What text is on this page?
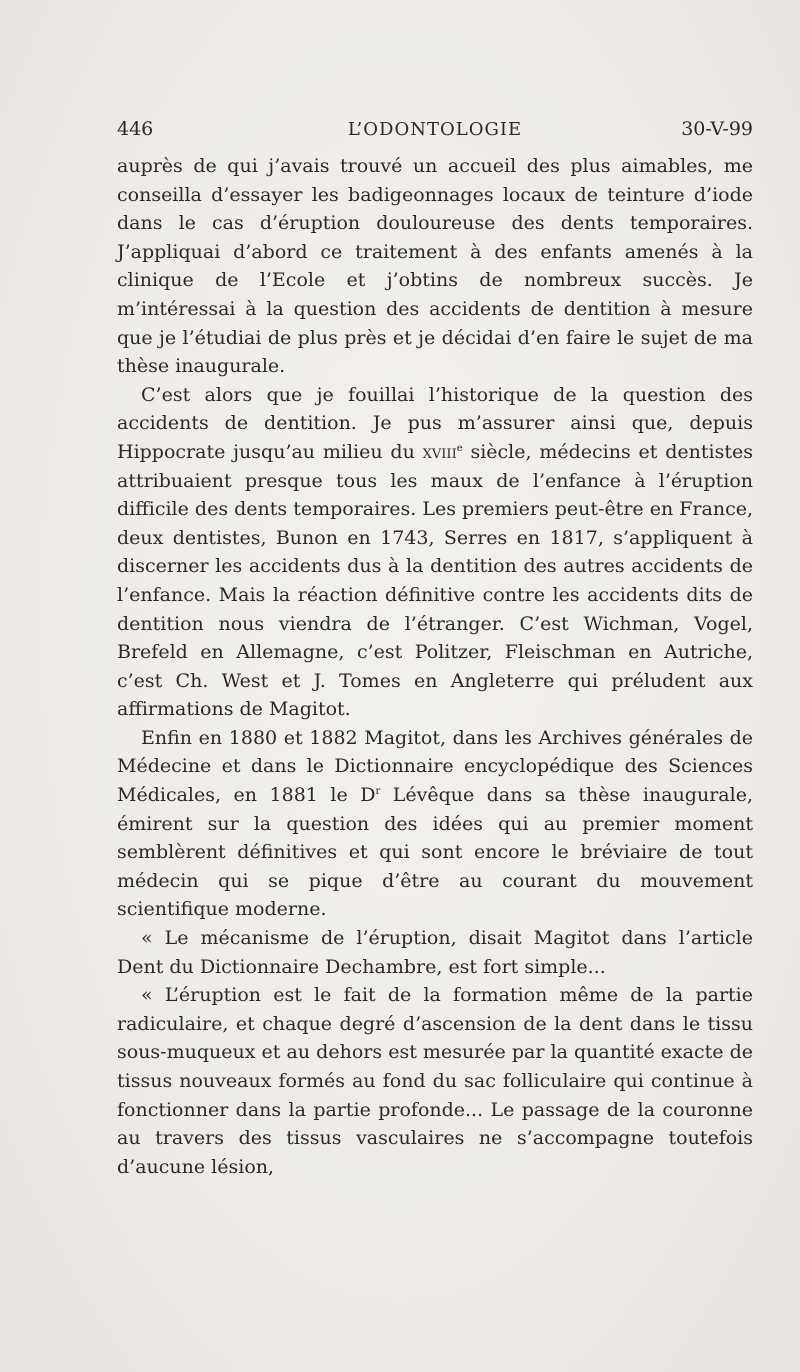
446	L’ODONTOLOGIE	30-V-99

auprès de qui j’avais trouvé un accueil des plus aimables, me conseilla d’essayer les badigeonnages locaux de teinture d’iode dans le cas d’éruption douloureuse des dents temporaires. J’appliquai d’abord ce traitement à des enfants amenés à la clinique de l’Ecole et j’obtins de nombreux succès. Je m’intéressai à la question des accidents de dentition à mesure que je l’étudiai de plus près et je décidai d’en faire le sujet de ma thèse inaugurale.

C’est alors que je fouillai l’historique de la question des accidents de dentition. Je pus m’assurer ainsi que, depuis Hippocrate jusqu’au milieu du xviii$^e$ siècle, médecins et dentistes attribuaient presque tous les maux de l’enfance à l’éruption difficile des dents temporaires. Les premiers peut-être en France, deux dentistes, Bunon en 1743, Serres en 1817, s’appliquent à discerner les accidents dus à la dentition des autres accidents de l’enfance. Mais la réaction définitive contre les accidents dits de dentition nous viendra de l’étranger. C’est Wichman, Vogel, Brefeld en Allemagne, c’est Politzer, Fleischman en Autriche, c’est Ch. West et J. Tomes en Angleterre qui préludent aux affirmations de Magitot.

Enfin en 1880 et 1882 Magitot, dans les Archives générales de Médecine et dans le Dictionnaire encyclopédique des Sciences Médicales, en 1881 le $D^r$ Lévêque dans sa thèse inaugurale, émirent sur la question des idées qui au premier moment semblèrent définitives et qui sont encore le bréviaire de tout médecin qui se pique d’être au courant du mouvement scientifique moderne.

« Le mécanisme de l’éruption, disait Magitot dans l’article Dent du Dictionnaire Dechambre, est fort simple...

« L’éruption est le fait de la formation même de la partie radiculaire, et chaque degré d’ascension de la dent dans le tissu sous-muqueux et au dehors est mesurée par la quantité exacte de tissus nouveaux formés au fond du sac folliculaire qui continue à fonctionner dans la partie profonde... Le passage de la couronne au travers des tissus vasculaires ne s’accompagne toutefois d’aucune lésion,
